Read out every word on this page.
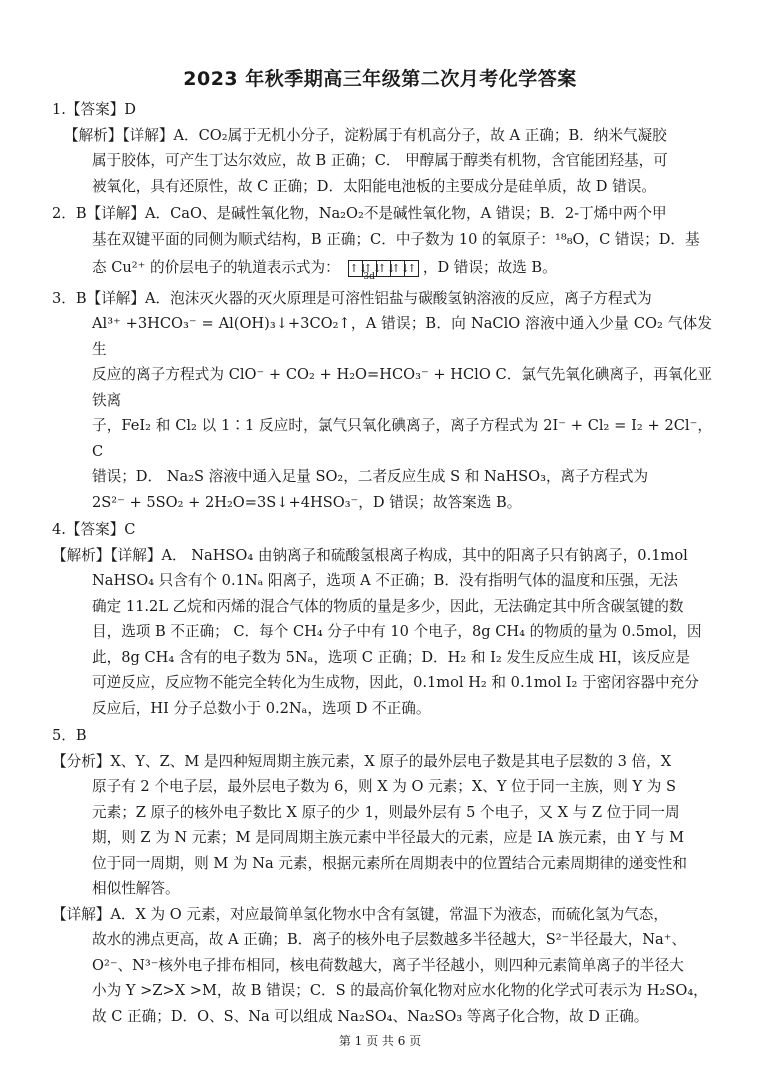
2023 年秋季期高三年级第二次月考化学答案
1.【答案】D
【解析】【详解】A．CO₂属于无机小分子，淀粉属于有机高分子，故 A 正确；B．纳米气凝胶
属于胶体，可产生丁达尔效应，故 B 正确；C． 甲醇属于醇类有机物，含官能团羟基，可
被氧化，具有还原性，故 C 正确；D．太阳能电池板的主要成分是硅单质，故 D 错误。
2．B【详解】A．CaO、是碱性氧化物，Na₂O₂不是碱性氧化物，A 错误；B．2-丁烯中两个甲
基在双键平面的同侧为顺式结构，B 正确；C．中子数为 10 的氧原子：¹⁸₈O，C 错误；D．基
态 Cu²⁺ 的价层电子的轨道表示式为： ↑↓
↑↓
↑↓
↑↓
↑
$_{3d}$，D 错误；故选 B。
3．B【详解】A．泡沫灭火器的灭火原理是可溶性铝盐与碳酸氢钠溶液的反应，离子方程式为
Al³⁺ +3HCO₃⁻ = Al(OH)₃↓+3CO₂↑，A 错误；B．向 NaClO 溶液中通入少量 CO₂ 气体发生
反应的离子方程式为 ClO⁻ + CO₂ + H₂O=HCO₃⁻ + HClO C．氯气先氧化碘离子，再氧化亚铁离
子，FeI₂ 和 Cl₂ 以 1∶1 反应时，氯气只氧化碘离子，离子方程式为 2I⁻ + Cl₂ = I₂ + 2Cl⁻，C
错误；D． Na₂S 溶液中通入足量 SO₂，二者反应生成 S 和 NaHSO₃，离子方程式为
2S²⁻ + 5SO₂ + 2H₂O=3S↓+4HSO₃⁻，D 错误；故答案选 B。
4.【答案】C
【解析】【详解】A． NaHSO₄ 由钠离子和硫酸氢根离子构成，其中的阳离子只有钠离子，0.1mol
NaHSO₄ 只含有个 0.1Nₐ 阳离子，选项 A 不正确；B．没有指明气体的温度和压强，无法
确定 11.2L 乙烷和丙烯的混合气体的物质的量是多少，因此，无法确定其中所含碳氢键的数
目，选项 B 不正确； C．每个 CH₄ 分子中有 10 个电子，8g CH₄ 的物质的量为 0.5mol，因
此，8g CH₄ 含有的电子数为 5Nₐ，选项 C 正确；D．H₂ 和 I₂ 发生反应生成 HI，该反应是
可逆反应，反应物不能完全转化为生成物，因此，0.1mol H₂ 和 0.1mol I₂ 于密闭容器中充分
反应后，HI 分子总数小于 0.2Nₐ，选项 D 不正确。
5．B
【分析】X、Y、Z、M 是四种短周期主族元素，X 原子的最外层电子数是其电子层数的 3 倍，X
原子有 2 个电子层，最外层电子数为 6，则 X 为 O 元素；X、Y 位于同一主族，则 Y 为 S
元素；Z 原子的核外电子数比 X 原子的少 1，则最外层有 5 个电子，又 X 与 Z 位于同一周
期，则 Z 为 N 元素；M 是同周期主族元素中半径最大的元素，应是 IA 族元素，由 Y 与 M
位于同一周期，则 M 为 Na 元素，根据元素所在周期表中的位置结合元素周期律的递变性和
相似性解答。
【详解】A．X 为 O 元素，对应最简单氢化物水中含有氢键，常温下为液态，而硫化氢为气态，
故水的沸点更高，故 A 正确；B．离子的核外电子层数越多半径越大，S²⁻半径最大，Na⁺、
O²⁻、N³⁻核外电子排布相同，核电荷数越大，离子半径越小，则四种元素简单离子的半径大
小为 Y >Z>X >M，故 B 错误；C．S 的最高价氧化物对应水化物的化学式可表示为 H₂SO₄，
故 C 正确；D．O、S、Na 可以组成 Na₂SO₄、Na₂SO₃ 等离子化合物，故 D 正确。
第 1 页 共 6 页
